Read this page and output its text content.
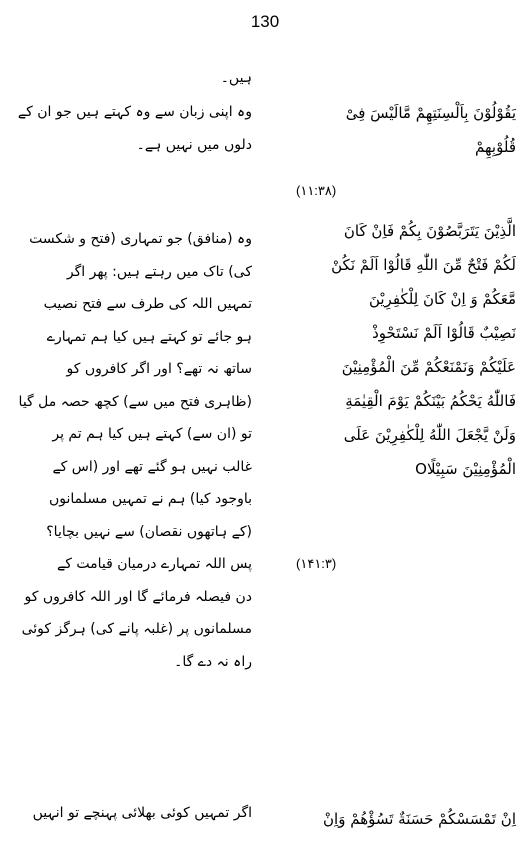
130
ہیں۔
يَقُوْلُوْنَ بِاَلْسِنَتِهِمْ مَّالَيْسَ فِىْ
قُلُوْبِهِمْ
(١١:٣٨)
وہ اپنی زبان سے وہ کہتے ہیں جو ان کے
دلوں میں نہیں ہے۔
الَّذِيْنَ يَتَرَبَّصُوْنَ بِكُمْ فَاِنْ كَانَ
لَكُمْ فَتْحٌ مِّنَ اللّٰهِ قَالُوْا اَلَمْ نَكُنْ
مَّعَكُمْ وَ اِنْ كَانَ لِلْكٰفِرِيْنَ
نَصِيْبٌ قَالُوْا اَلَمْ نَسْتَحْوِذْ
عَلَيْكُمْ وَنَمْنَعْكُمْ مِّنَ الْمُؤْمِنِيْنَ
فَاللّٰهُ يَحْكُمُ بَيْنَكُمْ يَوْمَ الْقِيٰمَةِ
وَلَنْ يَّجْعَلَ اللّٰهُ لِلْكٰفِرِيْنَ عَلَى
الْمُؤْمِنِيْنَ سَبِيْلًاO
(١۴١:٣)
وہ (منافق) جو تمہاری (فتح و شکست
کی) تاک میں رہتے ہیں: پھر اگر
تمہیں اللہ کی طرف سے فتح نصیب
ہو جائے تو کہتے ہیں کیا ہم تمہارے
ساتھ نہ تھے؟ اور اگر کافروں کو
(ظاہری فتح میں سے) کچھ حصہ مل گیا
تو (ان سے) کہتے ہیں کیا ہم تم پر
غالب نہیں ہو گئے تھے اور (اس کے
باوجود کیا) ہم نے تمہیں مسلمانوں
(کے ہاتھوں نقصان) سے نہیں بچایا؟
پس اللہ تمہارے درمیان قیامت کے
دن فیصلہ فرمائے گا اور اللہ کافروں کو
مسلمانوں پر (غلبہ پانے کی) ہرگز کوئی
راہ نہ دے گا۔
اِنْ تَمْسَسْكُمْ حَسَنَةٌ تَسُؤْهُمْ وَاِنْ
اگر تمہیں کوئی بھلائی پہنچے تو انہیں
